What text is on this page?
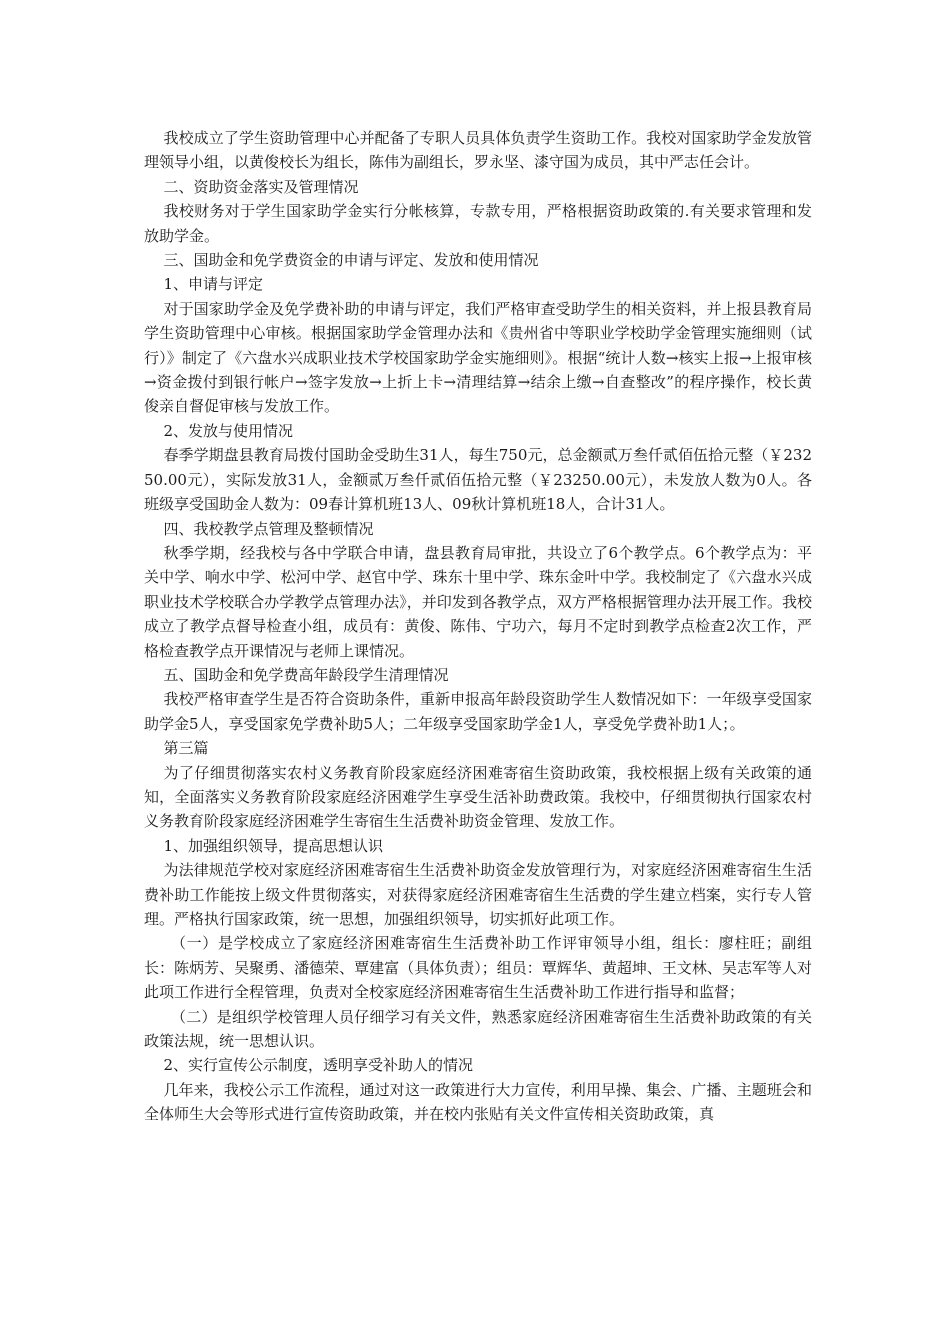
我校成立了学生资助管理中心并配备了专职人员具体负责学生资助工作。我校对国家助学金发放管理领导小组，以黄俊校长为组长，陈伟为副组长，罗永坚、漆守国为成员，其中严志任会计。

二、资助资金落实及管理情况

我校财务对于学生国家助学金实行分帐核算，专款专用，严格根据资助政策的.有关要求管理和发放助学金。

三、国助金和免学费资金的申请与评定、发放和使用情况

1、申请与评定

对于国家助学金及免学费补助的申请与评定，我们严格审查受助学生的相关资料，并上报县教育局学生资助管理中心审核。根据国家助学金管理办法和《贵州省中等职业学校助学金管理实施细则（试行）》制定了《六盘水兴成职业技术学校国家助学金实施细则》。根据“统计人数→核实上报→上报审核→资金拨付到银行帐户→签字发放→上折上卡→清理结算→结余上缴→自查整改”的程序操作，校长黄俊亲自督促审核与发放工作。

2、发放与使用情况

春季学期盘县教育局拨付国助金受助生31人，每生750元，总金额贰万叁仟贰佰伍拾元整（￥23250.00元），实际发放31人，金额贰万叁仟贰佰伍拾元整（￥23250.00元），未发放人数为0人。各班级享受国助金人数为：09春计算机班13人、09秋计算机班18人，合计31人。

四、我校教学点管理及整顿情况

秋季学期，经我校与各中学联合申请，盘县教育局审批，共设立了6个教学点。6个教学点为：平关中学、响水中学、松河中学、赵官中学、珠东十里中学、珠东金叶中学。我校制定了《六盘水兴成职业技术学校联合办学教学点管理办法》，并印发到各教学点，双方严格根据管理办法开展工作。我校成立了教学点督导检查小组，成员有：黄俊、陈伟、宁功六，每月不定时到教学点检查2次工作，严格检查教学点开课情况与老师上课情况。

五、国助金和免学费高年龄段学生清理情况

我校严格审查学生是否符合资助条件，重新申报高年龄段资助学生人数情况如下：一年级享受国家助学金5人，享受国家免学费补助5人；二年级享受国家助学金1人，享受免学费补助1人；。

第三篇

为了仔细贯彻落实农村义务教育阶段家庭经济困难寄宿生资助政策，我校根据上级有关政策的通知，全面落实义务教育阶段家庭经济困难学生享受生活补助费政策。我校中，仔细贯彻执行国家农村义务教育阶段家庭经济困难学生寄宿生生活费补助资金管理、发放工作。

1、加强组织领导，提高思想认识

为法律规范学校对家庭经济困难寄宿生生活费补助资金发放管理行为，对家庭经济困难寄宿生生活费补助工作能按上级文件贯彻落实，对获得家庭经济困难寄宿生生活费的学生建立档案，实行专人管理。严格执行国家政策，统一思想，加强组织领导，切实抓好此项工作。

（一）是学校成立了家庭经济困难寄宿生生活费补助工作评审领导小组，组长：廖柱旺；副组长：陈炳芳、吴聚勇、潘德荣、覃建富（具体负责）；组员：覃辉华、黄超坤、王文林、吴志军等人对此项工作进行全程管理，负责对全校家庭经济困难寄宿生生活费补助工作进行指导和监督；

（二）是组织学校管理人员仔细学习有关文件，熟悉家庭经济困难寄宿生生活费补助政策的有关政策法规，统一思想认识。

2、实行宣传公示制度，透明享受补助人的情况

几年来，我校公示工作流程，通过对这一政策进行大力宣传，利用早操、集会、广播、主题班会和全体师生大会等形式进行宣传资助政策，并在校内张贴有关文件宣传相关资助政策，真
